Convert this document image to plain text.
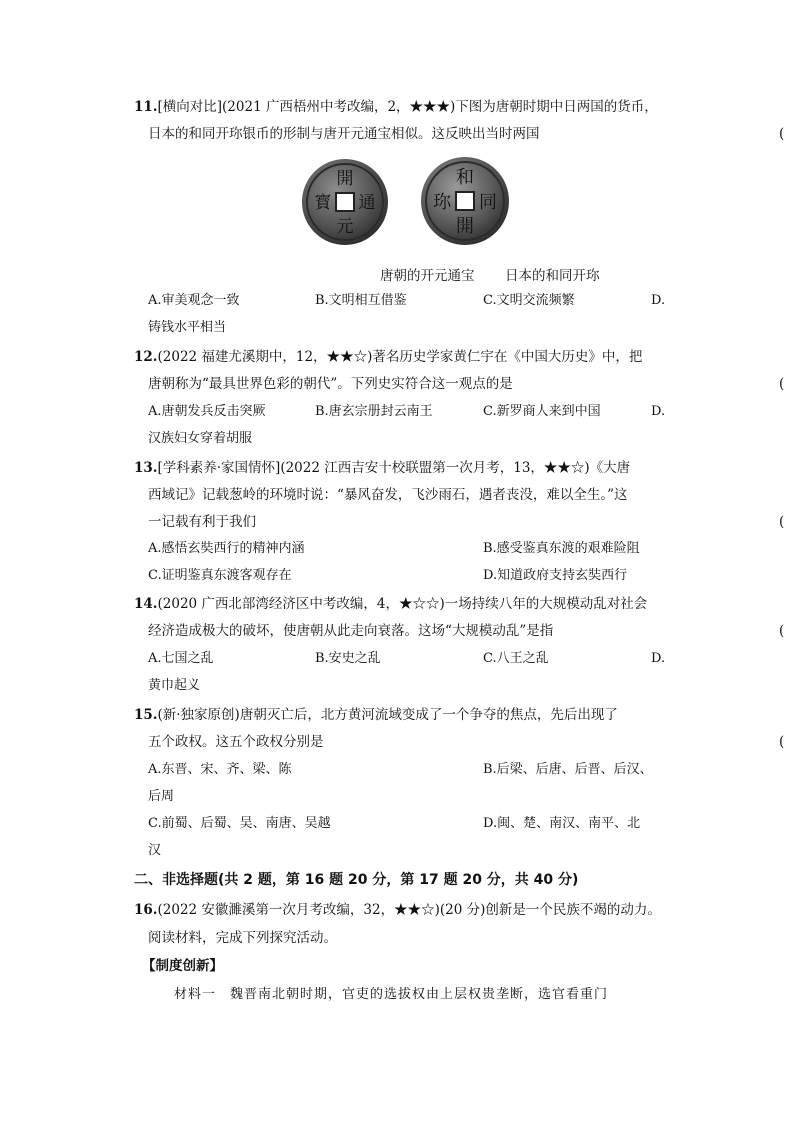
11.[横向对比](2021 广西梧州中考改编，2，★★★)下图为唐朝时期中日两国的货币，
日本的和同开珎银币的形制与唐开元通宝相似。这反映出当时两国	(
開
通
元
寳
和
同
開
珎
唐朝的开元通宝 日本的和同开珎
A.审美观念一致	B.文明相互借鉴	C.文明交流频繁	D.
铸钱水平相当
12.(2022 福建尤溪期中，12，★★☆)著名历史学家黄仁宇在《中国大历史》中，把
唐朝称为“最具世界色彩的朝代”。下列史实符合这一观点的是	(
A.唐朝发兵反击突厥	B.唐玄宗册封云南王	C.新罗商人来到中国	D.
汉族妇女穿着胡服
13.[学科素养·家国情怀](2022 江西吉安十校联盟第一次月考，13，★★☆)《大唐
西域记》记载葱岭的环境时说：“暴风奋发，飞沙雨石，遇者丧没，难以全生。”这
一记载有利于我们	(
A.感悟玄奘西行的精神内涵	B.感受鉴真东渡的艰难险阻
C.证明鉴真东渡客观存在	D.知道政府支持玄奘西行
14.(2020 广西北部湾经济区中考改编，4，★☆☆)一场持续八年的大规模动乱对社会
经济造成极大的破坏，使唐朝从此走向衰落。这场“大规模动乱”是指	(
A.七国之乱	B.安史之乱	C.八王之乱	D.
黄巾起义
15.(新·独家原创)唐朝灭亡后，北方黄河流域变成了一个争夺的焦点，先后出现了
五个政权。这五个政权分别是	(
A.东晋、宋、齐、梁、陈	B.后梁、后唐、后晋、后汉、
后周
C.前蜀、后蜀、吴、南唐、吴越	D.闽、楚、南汉、南平、北
汉
二、非选择题(共 2 题，第 16 题 20 分，第 17 题 20 分，共 40 分)
16.(2022 安徽濉溪第一次月考改编，32，★★☆)(20 分)创新是一个民族不竭的动力。
阅读材料，完成下列探究活动。
【制度创新】
材料一　魏晋南北朝时期，官吏的选拔权由上层权贵垄断，选官看重门
